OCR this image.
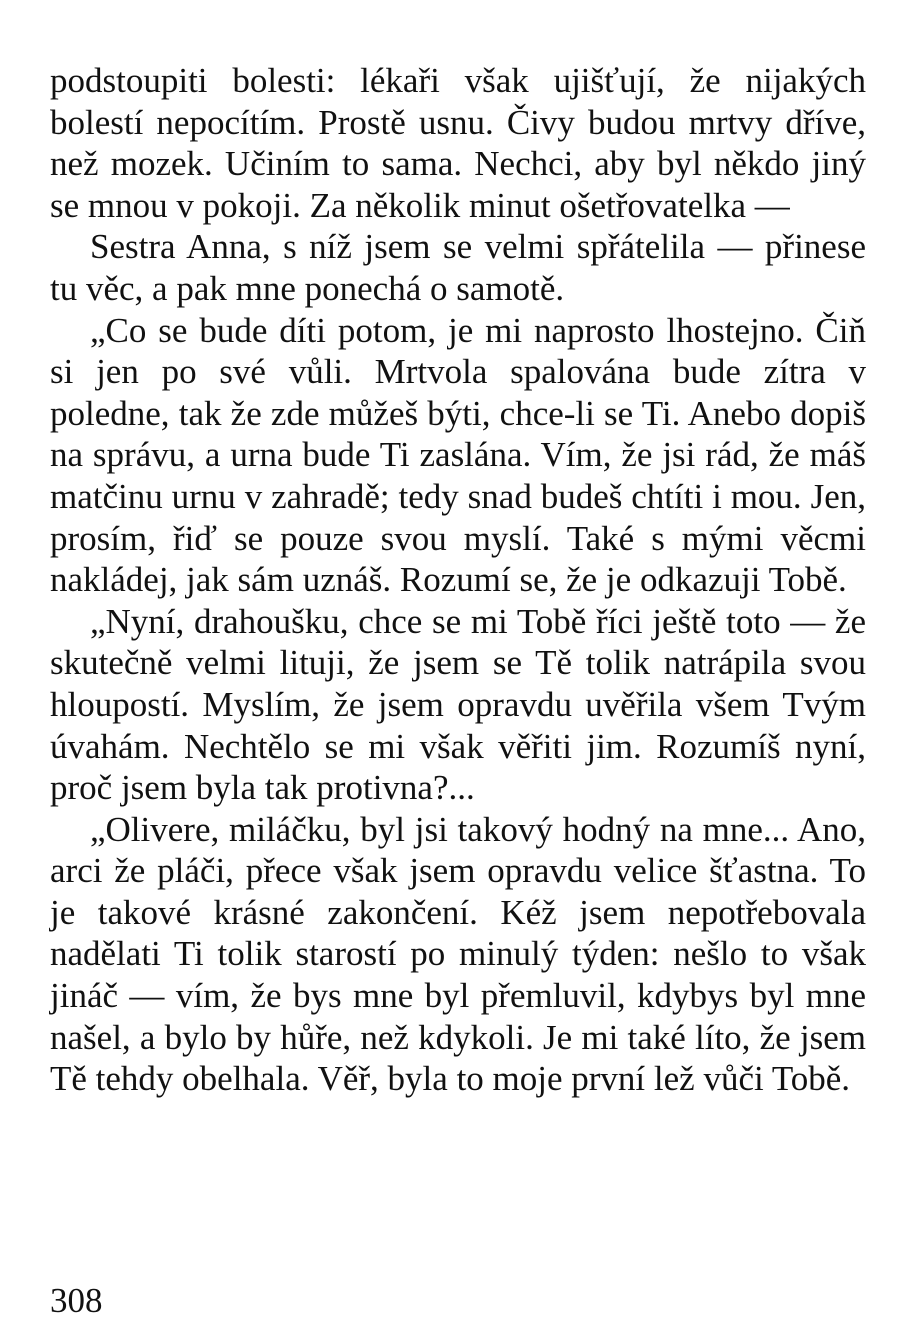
podstoupiti bolesti: lékaři však ujišťují, že nijakých bolestí nepocítím. Prostě usnu. Čivy budou mrtvy dříve, než mozek. Učiním to sama. Nechci, aby byl někdo jiný se mnou v pokoji. Za několik minut ošetřovatelka —

Sestra Anna, s níž jsem se velmi spřátelila — přinese tu věc, a pak mne ponechá o samotě.

„Co se bude díti potom, je mi naprosto lhostejno. Čiň si jen po své vůli. Mrtvola spalována bude zítra v poledne, tak že zde můžeš býti, chce-li se Ti. Anebo dopiš na správu, a urna bude Ti zaslána. Vím, že jsi rád, že máš matčinu urnu v zahradě; tedy snad budeš chtíti i mou. Jen, prosím, řiď se pouze svou myslí. Také s mými věcmi nakládej, jak sám uznáš. Rozumí se, že je odkazuji Tobě.

„Nyní, drahoušku, chce se mi Tobě říci ještě toto — že skutečně velmi lituji, že jsem se Tě tolik natrápila svou hloupostí. Myslím, že jsem opravdu uvěřila všem Tvým úvahám. Nechtělo se mi však věřiti jim. Rozumíš nyní, proč jsem byla tak protivna?...

„Olivere, miláčku, byl jsi takový hodný na mne... Ano, arci že pláči, přece však jsem opravdu velice šťastna. To je takové krásné zakončení. Kéž jsem nepotřebovala nadělati Ti tolik starostí po minulý týden: nešlo to však jináč — vím, že bys mne byl přemluvil, kdybys byl mne našel, a bylo by hůře, než kdykoli. Je mi také líto, že jsem Tě tehdy obelhala. Věř, byla to moje první lež vůči Tobě.

308
